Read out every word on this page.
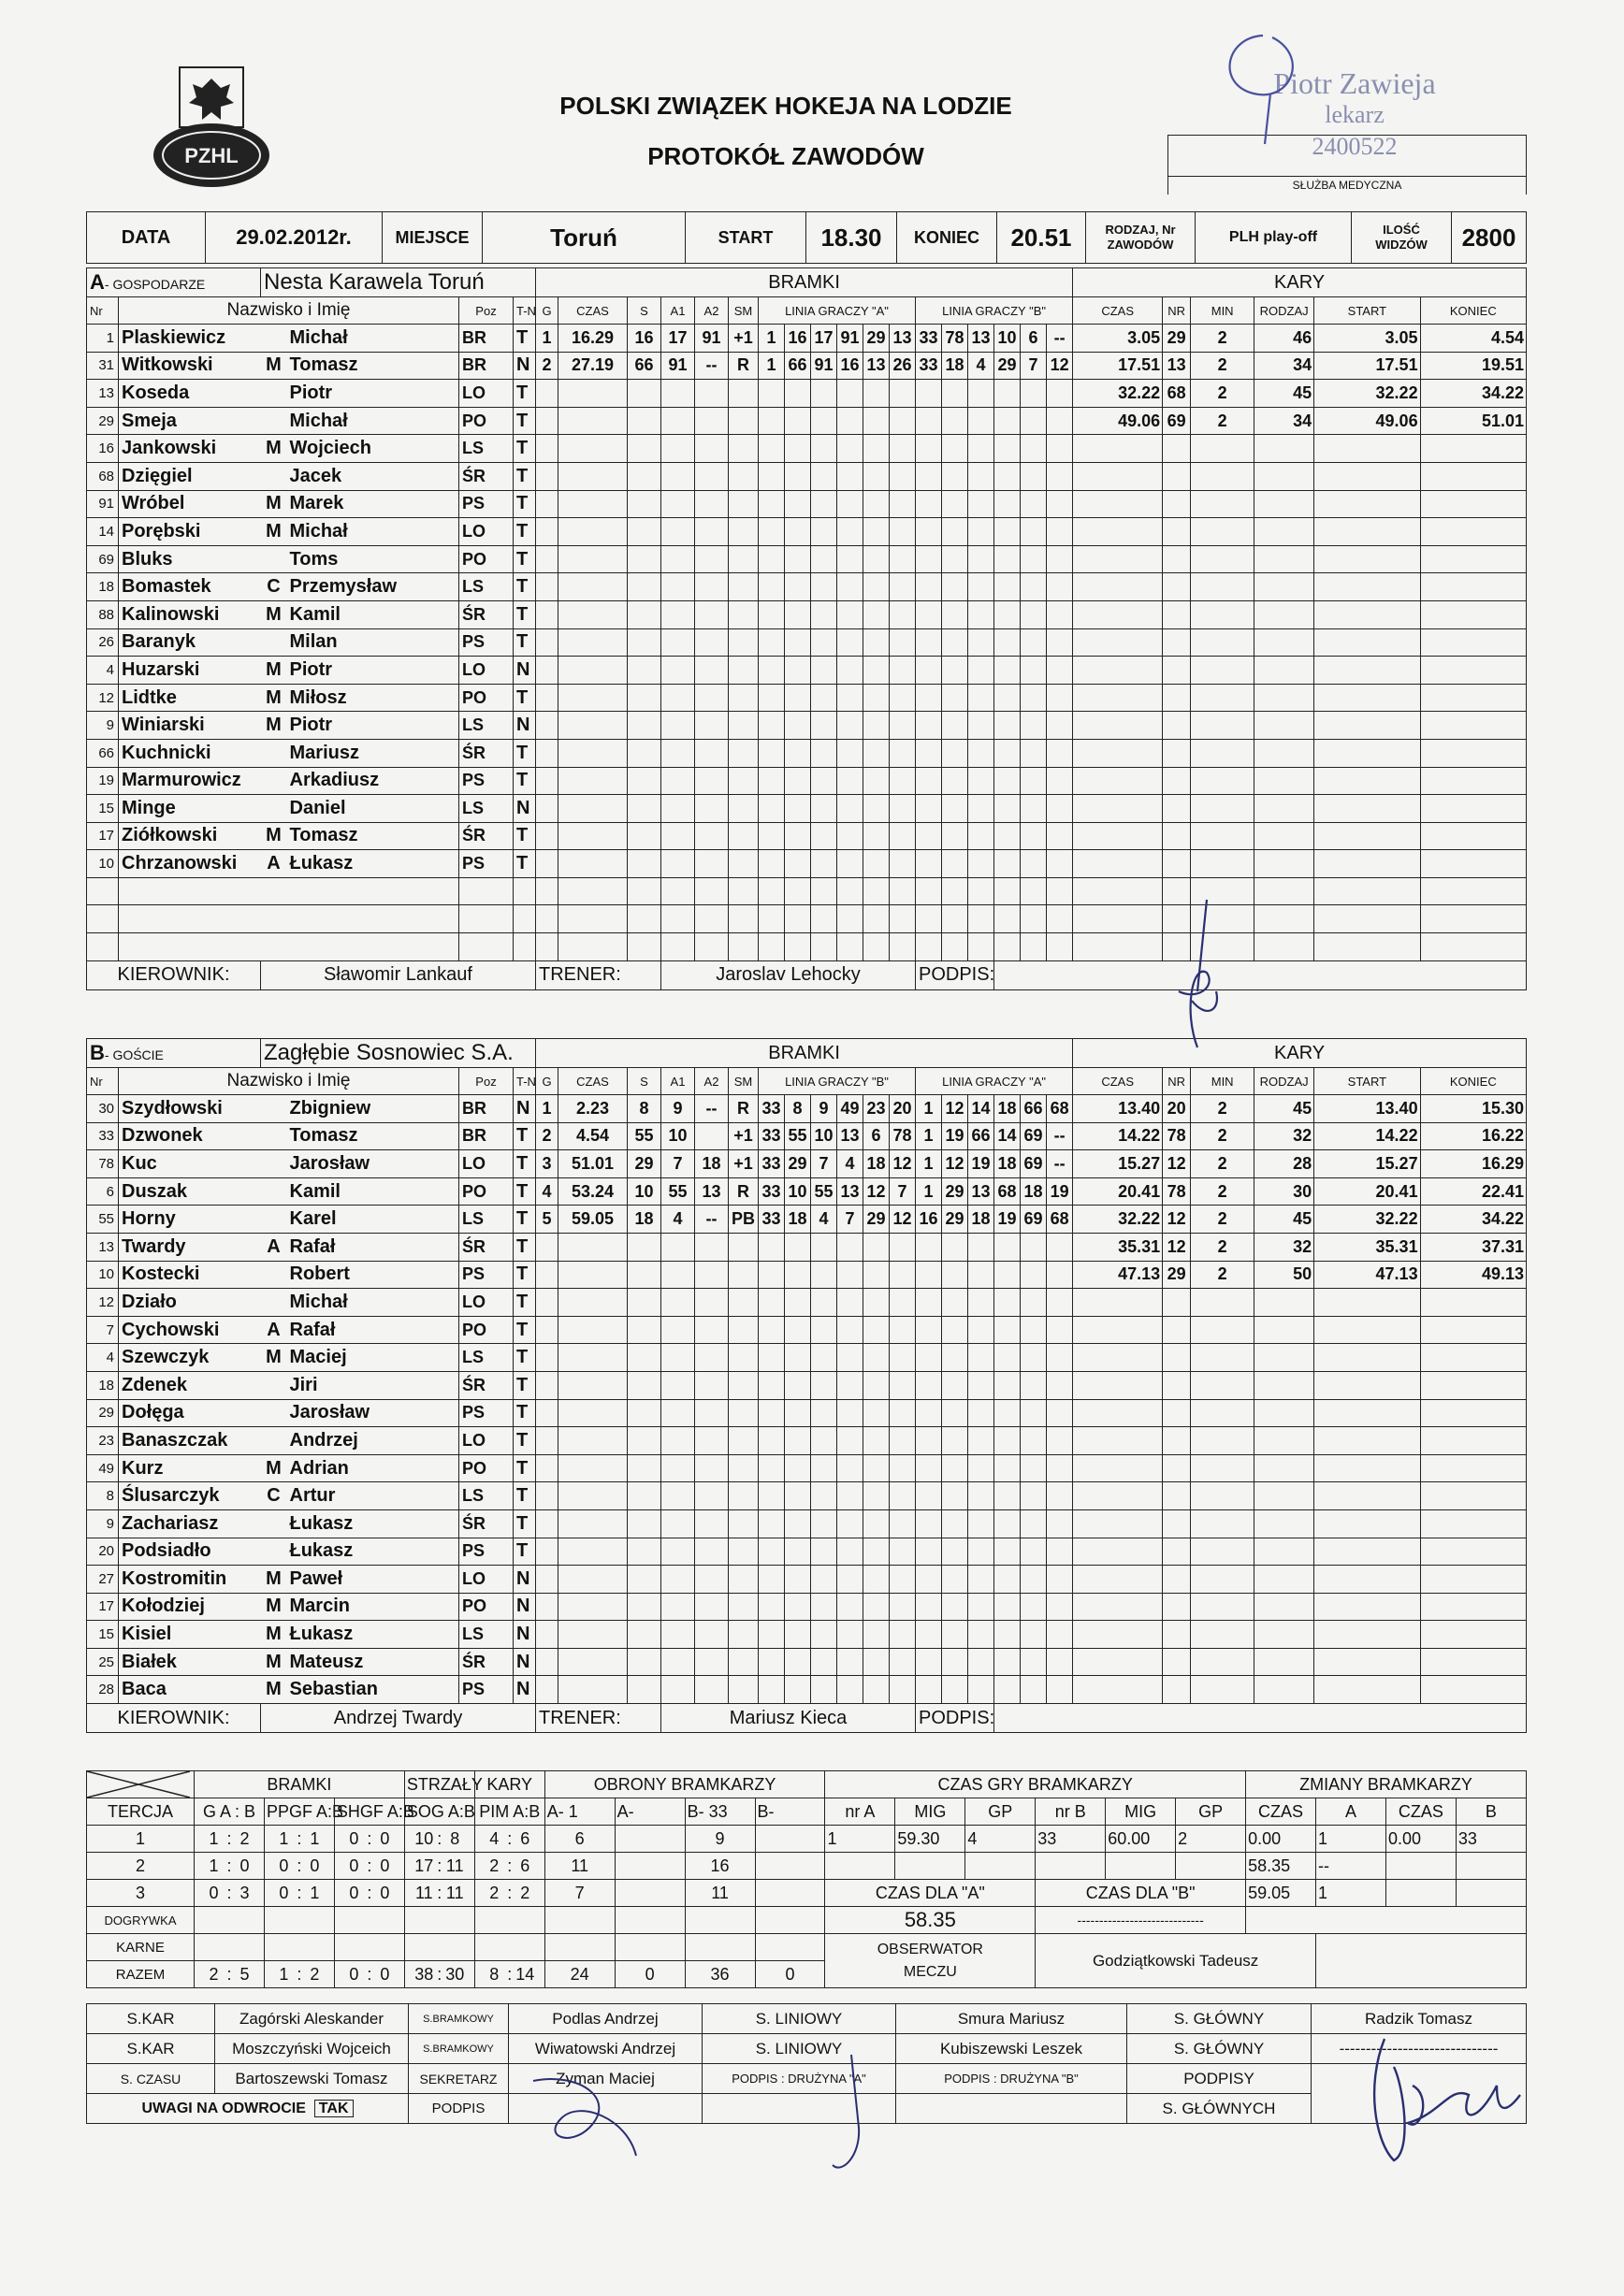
PZHL
POLSKI ZWIĄZEK HOKEJA NA LODZIE
PROTOKÓŁ ZAWODÓW
SŁUŻBA MEDYCZNA
Piotr Zawieja
lekarz
2400522
DATA	29.02.2012r.	MIEJSCE	Toruń	START	18.30	KONIEC	20.51	RODZAJ, Nr
ZAWODÓW	PLH play-off	ILOŚĆ
WIDZÓW	2800
A- GOSPODARZE		Nesta Karawela Toruń				BRAMKI																		KARY					
Nr	Nazwisko i Imię			Poz	T-N	G	CZAS	S	A1	A2	SM	LINIA GRACZY "A"						LINIA GRACZY "B"						CZAS	NR	MIN	RODZAJ	START	KONIEC
1	Plaskiewicz		Michał	BR	T	1	16.29	16	17	91	+1	1	16	17	91	29	13	33	78	13	10	6	--	3.05	29	2	46	3.05	4.54
31	Witkowski	M	Tomasz	BR	N	2	27.19	66	91	--	R	1	66	91	16	13	26	33	18	4	29	7	12	17.51	13	2	34	17.51	19.51
13	Koseda		Piotr	LO	T																			32.22	68	2	45	32.22	34.22
29	Smeja		Michał	PO	T																			49.06	69	2	34	49.06	51.01
16	Jankowski	M	Wojciech	LS	T																								
68	Dzięgiel		Jacek	ŚR	T																								
91	Wróbel	M	Marek	PS	T																								
14	Porębski	M	Michał	LO	T																								
69	Bluks		Toms	PO	T																								
18	Bomastek	C	Przemysław	LS	T																								
88	Kalinowski	M	Kamil	ŚR	T																								
26	Baranyk		Milan	PS	T																								
4	Huzarski	M	Piotr	LO	N																								
12	Lidtke	M	Miłosz	PO	T																								
9	Winiarski	M	Piotr	LS	N																								
66	Kuchnicki		Mariusz	ŚR	T																								
19	Marmurowicz		Arkadiusz	PS	T																								
15	Minge		Daniel	LS	N																								
17	Ziółkowski	M	Tomasz	ŚR	T																								
10	Chrzanowski	A	Łukasz	PS	T																								

KIEROWNIK:		Sławomir Lankauf				TRENER:			Jaroslav Lehocky									PODPIS:											
B- GOŚCIE		Zagłębie Sosnowiec S.A.				BRAMKI																		KARY					
Nr	Nazwisko i Imię			Poz	T-N	G	CZAS	S	A1	A2	SM	LINIA GRACZY "B"						LINIA GRACZY "A"						CZAS	NR	MIN	RODZAJ	START	KONIEC
30	Szydłowski		Zbigniew	BR	N	1	2.23	8	9	--	R	33	8	9	49	23	20	1	12	14	18	66	68	13.40	20	2	45	13.40	15.30
33	Dzwonek		Tomasz	BR	T	2	4.54	55	10		+1	33	55	10	13	6	78	1	19	66	14	69	--	14.22	78	2	32	14.22	16.22
78	Kuc		Jarosław	LO	T	3	51.01	29	7	18	+1	33	29	7	4	18	12	1	12	19	18	69	--	15.27	12	2	28	15.27	16.29
6	Duszak		Kamil	PO	T	4	53.24	10	55	13	R	33	10	55	13	12	7	1	29	13	68	18	19	20.41	78	2	30	20.41	22.41
55	Horny		Karel	LS	T	5	59.05	18	4	--	PB	33	18	4	7	29	12	16	29	18	19	69	68	32.22	12	2	45	32.22	34.22
13	Twardy	A	Rafał	ŚR	T																			35.31	12	2	32	35.31	37.31
10	Kostecki		Robert	PS	T																			47.13	29	2	50	47.13	49.13
12	Działo		Michał	LO	T																								
7	Cychowski	A	Rafał	PO	T																								
4	Szewczyk	M	Maciej	LS	T																								
18	Zdenek		Jiri	ŚR	T																								
29	Dołęga		Jarosław	PS	T																								
23	Banaszczak		Andrzej	LO	T																								
49	Kurz	M	Adrian	PO	T																								
8	Ślusarczyk	C	Artur	LS	T																								
9	Zachariasz		Łukasz	ŚR	T																								
20	Podsiadło		Łukasz	PS	T																								
27	Kostromitin	M	Paweł	LO	N																								
17	Kołodziej	M	Marcin	PO	N																								
15	Kisiel	M	Łukasz	LS	N																								
25	Białek	M	Mateusz	ŚR	N																								
28	Baca	M	Sebastian	PS	N																								
KIEROWNIK:		Andrzej Twardy				TRENER:			Mariusz Kieca									PODPIS:											
	BRAMKI			STRZAŁY	KARY	OBRONY BRAMKARZY				CZAS GRY BRAMKARZY						ZMIANY BRAMKARZY			
TERCJA	G A : B	PPGF A:B	SHGF A:B	SOG A:B	PIM A:B	A- 1	A-	B- 33	B-	nr A	MIG	GP	nr B	MIG	GP	CZAS	A	CZAS	B
1	1 : 2	1 : 1	0 : 0	10 : 8	4 : 6	6		9		1	59.30	4	33	60.00	2	0.00	1	0.00	33
2	1 : 0	0 : 0	0 : 0	17 : 11	2 : 6	11		16								58.35	--		
3	0 : 3	0 : 1	0 : 0	11 : 11	2 : 2	7		11		CZAS DLA "A"			CZAS DLA "B"			59.05	1		
DOGRYWKA										58.35			-----------------------------						
KARNE										OBSERWATOR
MECZU			Godziątkowski Tadeusz						
RAZEM	2 : 5	1 : 2	0 : 0	38 : 30	8 : 14	24	0	36	0										
S.KAR	Zagórski Aleskander	S.BRAMKOWY	Podlas Andrzej	S. LINIOWY	Smura Mariusz	S. GŁÓWNY	Radzik Tomasz
S.KAR	Moszczyński Wojceich	S.BRAMKOWY	Wiwatowski Andrzej	S. LINIOWY	Kubiszewski Leszek	S. GŁÓWNY	------------------------------
S. CZASU	Bartoszewski Tomasz	SEKRETARZ	Zyman Maciej	PODPIS : DRUŻYNA "A"	PODPIS : DRUŻYNA "B"	PODPISY	
UWAGI NA ODWROCIE TAK		PODPIS				S. GŁÓWNYCH	
